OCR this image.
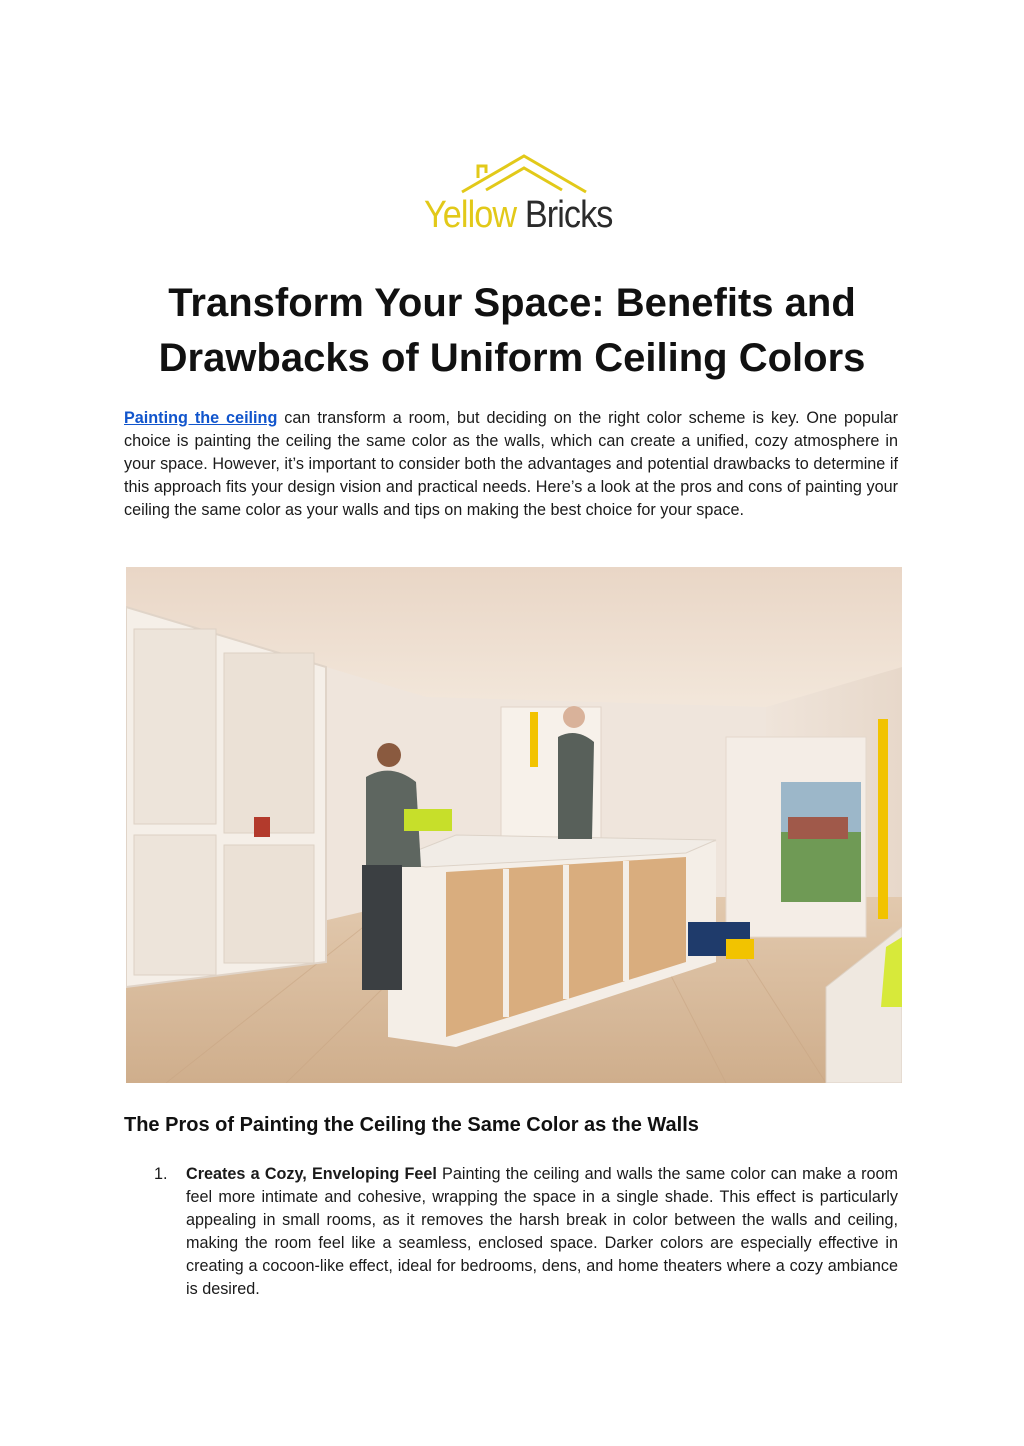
Yellow Bricks
Transform Your Space: Benefits and Drawbacks of Uniform Ceiling Colors

Painting the ceiling can transform a room, but deciding on the right color scheme is key. One popular choice is painting the ceiling the same color as the walls, which can create a unified, cozy atmosphere in your space. However, it’s important to consider both the advantages and potential drawbacks to determine if this approach fits your design vision and practical needs. Here’s a look at the pros and cons of painting your ceiling the same color as your walls and tips on making the best choice for your space.

The Pros of Painting the Ceiling the Same Color as the Walls
1. Creates a Cozy, Enveloping Feel Painting the ceiling and walls the same color can make a room feel more intimate and cohesive, wrapping the space in a single shade. This effect is particularly appealing in small rooms, as it removes the harsh break in color between the walls and ceiling, making the room feel like a seamless, enclosed space. Darker colors are especially effective in creating a cocoon-like effect, ideal for bedrooms, dens, and home theaters where a cozy ambiance is desired.
